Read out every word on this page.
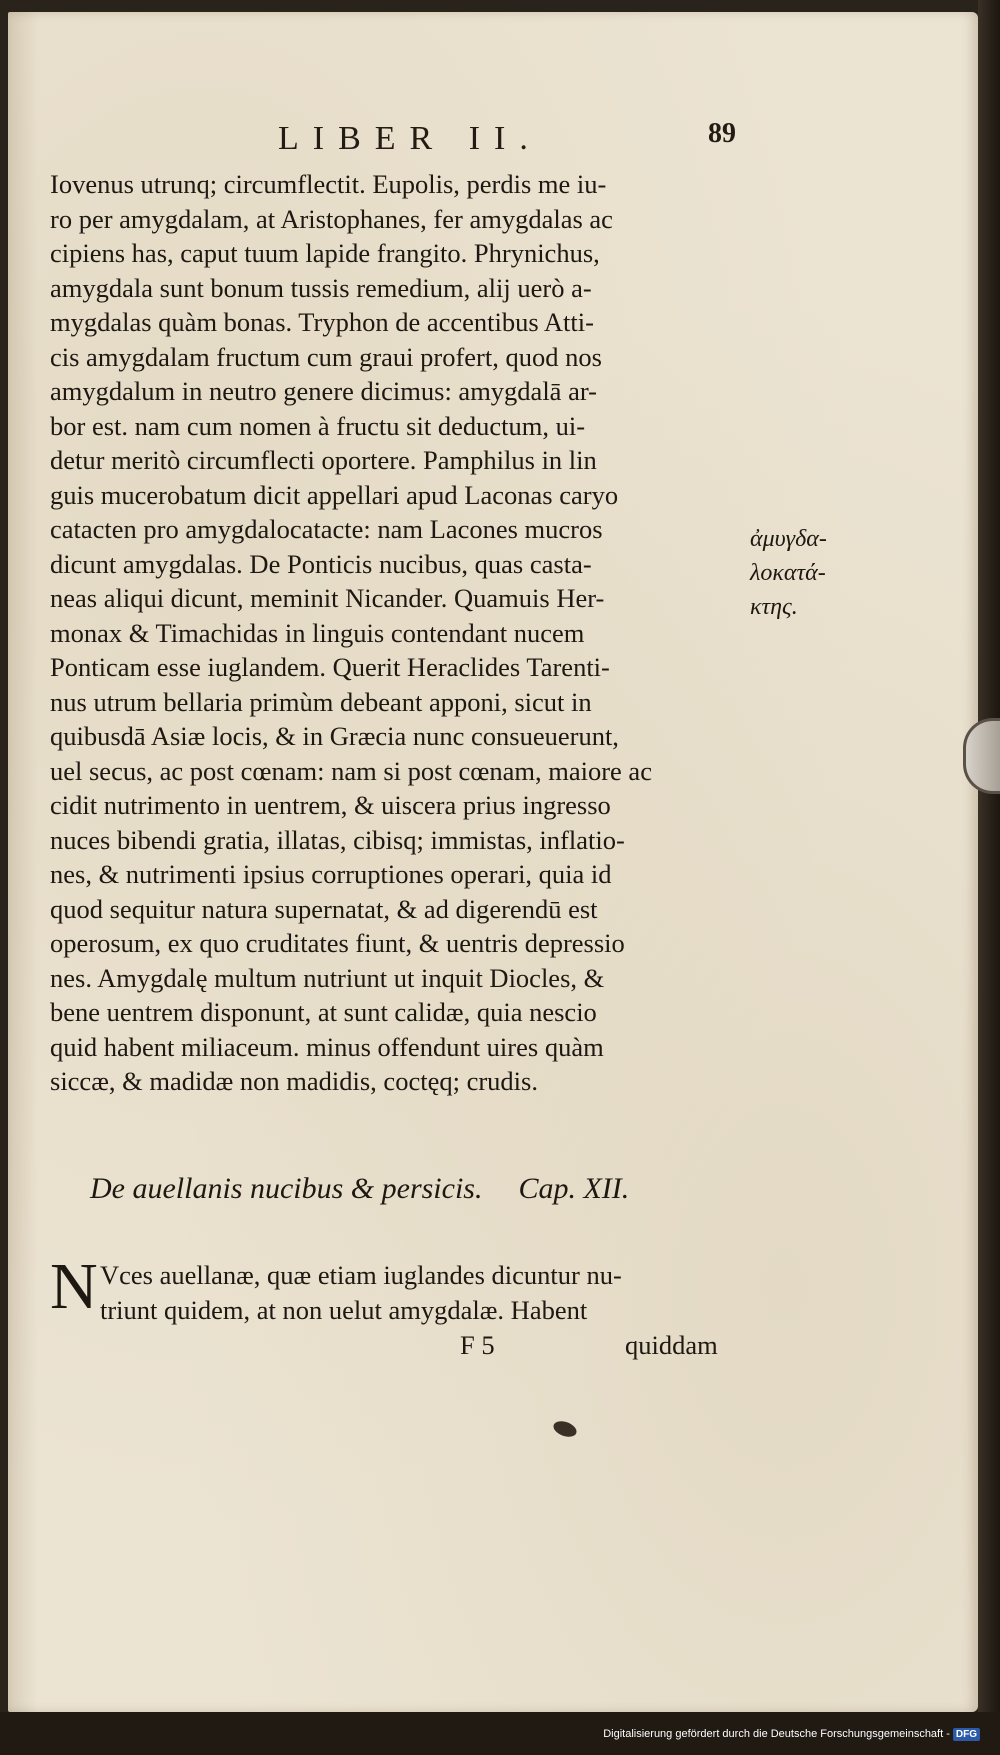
LIBER II.	89
Iovenus utrunq; circumflectit. Eupolis, perdis me iu-
ro per amygdalam, at Aristophanes, fer amygdalas ac
cipiens has, caput tuum lapide frangito. Phrynichus,
amygdala sunt bonum tussis remedium, alij uerò a-
mygdalas quàm bonas. Tryphon de accentibus Atti-
cis amygdalam fructum cum graui profert, quod nos
amygdalum in neutro genere dicimus: amygdalā ar-
bor est. nam cum nomen à fructu sit deductum, ui-
detur meritò circumflecti oportere. Pamphilus in lin
guis mucerobatum dicit appellari apud Laconas caryo
catacten pro amygdalocatacte: nam Lacones mucros
dicunt amygdalas. De Ponticis nucibus, quas casta-
neas aliqui dicunt, meminit Nicander. Quamuis Her-
monax & Timachidas in linguis contendant nucem
Ponticam esse iuglandem. Querit Heraclides Tarenti-
nus utrum bellaria primùm debeant apponi, sicut in
quibusdā Asiæ locis, & in Græcia nunc consueuerunt,
uel secus, ac post cœnam: nam si post cœnam, maiore ac
cidit nutrimento in uentrem, & uiscera prius ingresso
nuces bibendi gratia, illatas, cibisq; immistas, inflatio-
nes, & nutrimenti ipsius corruptiones operari, quia id
quod sequitur natura supernatat, & ad digerendū est
operosum, ex quo cruditates fiunt, & uentris depressio
nes. Amygdalę multum nutriunt ut inquit Diocles, &
bene uentrem disponunt, at sunt calidæ, quia nescio
quid habent miliaceum. minus offendunt uires quàm
siccæ, & madidæ non madidis, coctęq; crudis.
ἀμυγδα-
λοκατά-
κτης.
De auellanis nucibus & persicis. Cap. XII.
N Vces auellanæ, quæ etiam iuglandes dicuntur nu-
triunt quidem, at non uelut amygdalæ. Habent
F 5	quiddam
Digitalisierung gefördert durch die Deutsche Forschungsgemeinschaft - DFG
